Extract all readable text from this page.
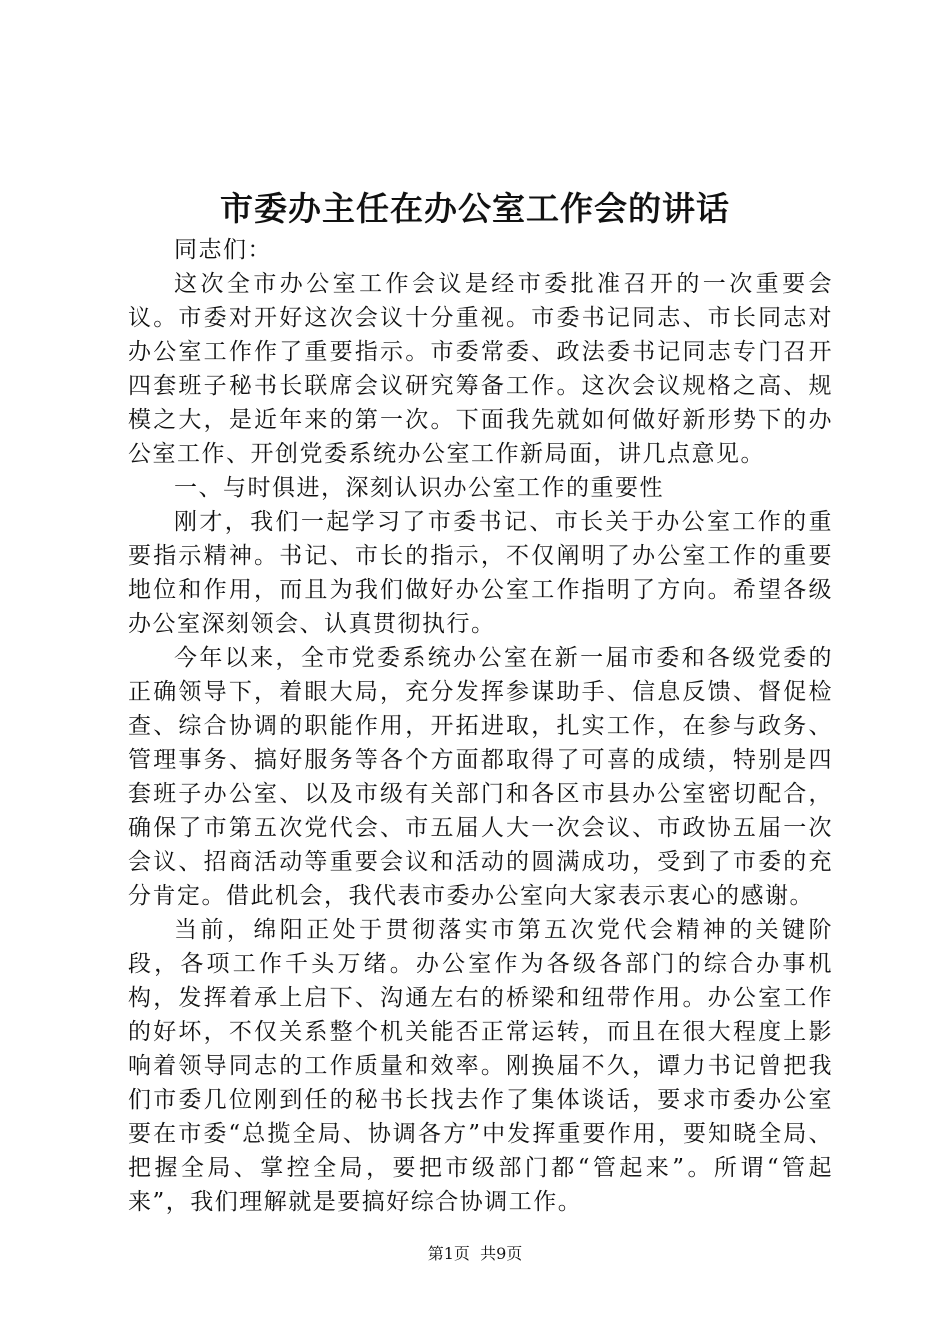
市委办主任在办公室工作会的讲话

同志们：

这次全市办公室工作会议是经市委批准召开的一次重要会议。市委对开好这次会议十分重视。市委书记同志、市长同志对办公室工作作了重要指示。市委常委、政法委书记同志专门召开四套班子秘书长联席会议研究筹备工作。这次会议规格之高、规模之大，是近年来的第一次。下面我先就如何做好新形势下的办公室工作、开创党委系统办公室工作新局面，讲几点意见。

一、与时俱进，深刻认识办公室工作的重要性

刚才，我们一起学习了市委书记、市长关于办公室工作的重要指示精神。书记、市长的指示，不仅阐明了办公室工作的重要地位和作用，而且为我们做好办公室工作指明了方向。希望各级办公室深刻领会、认真贯彻执行。

今年以来，全市党委系统办公室在新一届市委和各级党委的正确领导下，着眼大局，充分发挥参谋助手、信息反馈、督促检查、综合协调的职能作用，开拓进取，扎实工作，在参与政务、管理事务、搞好服务等各个方面都取得了可喜的成绩，特别是四套班子办公室、以及市级有关部门和各区市县办公室密切配合，确保了市第五次党代会、市五届人大一次会议、市政协五届一次会议、招商活动等重要会议和活动的圆满成功，受到了市委的充分肯定。借此机会，我代表市委办公室向大家表示衷心的感谢。

当前，绵阳正处于贯彻落实市第五次党代会精神的关键阶段，各项工作千头万绪。办公室作为各级各部门的综合办事机构，发挥着承上启下、沟通左右的桥梁和纽带作用。办公室工作的好坏，不仅关系整个机关能否正常运转，而且在很大程度上影响着领导同志的工作质量和效率。刚换届不久，谭力书记曾把我们市委几位刚到任的秘书长找去作了集体谈话，要求市委办公室要在市委“总揽全局、协调各方”中发挥重要作用，要知晓全局、把握全局、掌控全局，要把市级部门都“管起来”。所谓“管起来”，我们理解就是要搞好综合协调工作。

第1页 共9页
